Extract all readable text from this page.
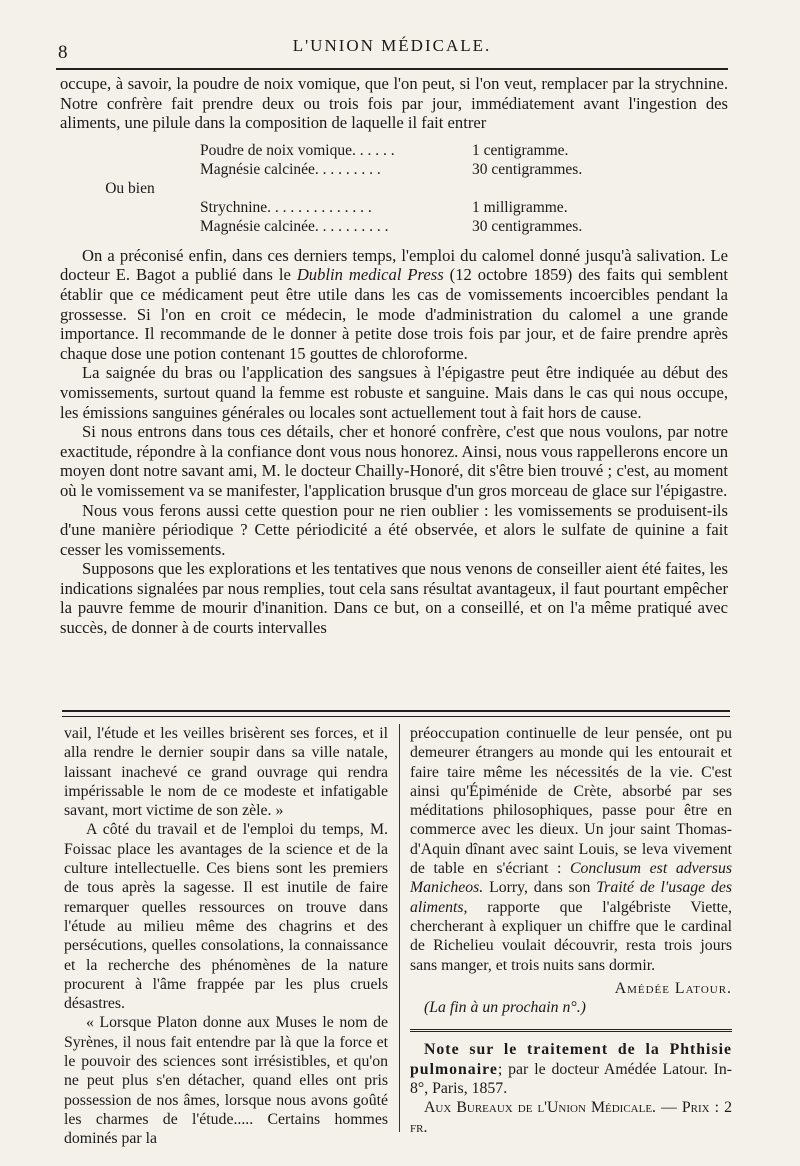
8	L'UNION MÉDICALE.

occupe, à savoir, la poudre de noix vomique, que l'on peut, si l'on veut, remplacer par la strychnine. Notre confrère fait prendre deux ou trois fois par jour, immédiatement avant l'ingestion des aliments, une pilule dans la composition de laquelle il fait entrer

Poudre de noix vomique. . . . . .	1 centigramme.
Magnésie calcinée. . . . . . . . .	30 centigrammes.
Ou bien
Strychnine. . . . . . . . . . . . . .	1 milligramme.
Magnésie calcinée. . . . . . . . . .	30 centigrammes.

On a préconisé enfin, dans ces derniers temps, l'emploi du calomel donné jusqu'à salivation. Le docteur E. Bagot a publié dans le Dublin medical Press (12 octobre 1859) des faits qui semblent établir que ce médicament peut être utile dans les cas de vomissements incoercibles pendant la grossesse. Si l'on en croit ce médecin, le mode d'administration du calomel a une grande importance. Il recommande de le donner à petite dose trois fois par jour, et de faire prendre après chaque dose une potion contenant 15 gouttes de chloroforme.

La saignée du bras ou l'application des sangsues à l'épigastre peut être indiquée au début des vomissements, surtout quand la femme est robuste et sanguine. Mais dans le cas qui nous occupe, les émissions sanguines générales ou locales sont actuellement tout à fait hors de cause.

Si nous entrons dans tous ces détails, cher et honoré confrère, c'est que nous voulons, par notre exactitude, répondre à la confiance dont vous nous honorez. Ainsi, nous vous rappellerons encore un moyen dont notre savant ami, M. le docteur Chailly-Honoré, dit s'être bien trouvé ; c'est, au moment où le vomissement va se manifester, l'application brusque d'un gros morceau de glace sur l'épigastre.

Nous vous ferons aussi cette question pour ne rien oublier : les vomissements se produisent-ils d'une manière périodique ? Cette périodicité a été observée, et alors le sulfate de quinine a fait cesser les vomissements.

Supposons que les explorations et les tentatives que nous venons de conseiller aient été faites, les indications signalées par nous remplies, tout cela sans résultat avantageux, il faut pourtant empêcher la pauvre femme de mourir d'inanition. Dans ce but, on a conseillé, et on l'a même pratiqué avec succès, de donner à de courts intervalles

vail, l'étude et les veilles brisèrent ses forces, et il alla rendre le dernier soupir dans sa ville natale, laissant inachevé ce grand ouvrage qui rendra impérissable le nom de ce modeste et infatigable savant, mort victime de son zèle. »

A côté du travail et de l'emploi du temps, M. Foissac place les avantages de la science et de la culture intellectuelle. Ces biens sont les premiers de tous après la sagesse. Il est inutile de faire remarquer quelles ressources on trouve dans l'étude au milieu même des chagrins et des persécutions, quelles consolations, la connaissance et la recherche des phénomènes de la nature procurent à l'âme frappée par les plus cruels désastres.

« Lorsque Platon donne aux Muses le nom de Syrènes, il nous fait entendre par là que la force et le pouvoir des sciences sont irrésistibles, et qu'on ne peut plus s'en détacher, quand elles ont pris possession de nos âmes, lorsque nous avons goûté les charmes de l'étude..... Certains hommes dominés par la

préoccupation continuelle de leur pensée, ont pu demeurer étrangers au monde qui les entourait et faire taire même les nécessités de la vie. C'est ainsi qu'Épiménide de Crète, absorbé par ses méditations philosophiques, passe pour être en commerce avec les dieux. Un jour saint Thomas-d'Aquin dînant avec saint Louis, se leva vivement de table en s'écriant : Conclusum est adversus Manicheos. Lorry, dans son Traité de l'usage des aliments, rapporte que l'algébriste Viette, chercherant à expliquer un chiffre que le cardinal de Richelieu voulait découvrir, resta trois jours sans manger, et trois nuits sans dormir.

Amédée Latour.

(La fin à un prochain n°.)

Note sur le traitement de la Phthisie pulmonaire; par le docteur Amédée Latour. In-8°, Paris, 1857.

Aux Bureaux de l'Union Médicale. — Prix : 2 fr.
